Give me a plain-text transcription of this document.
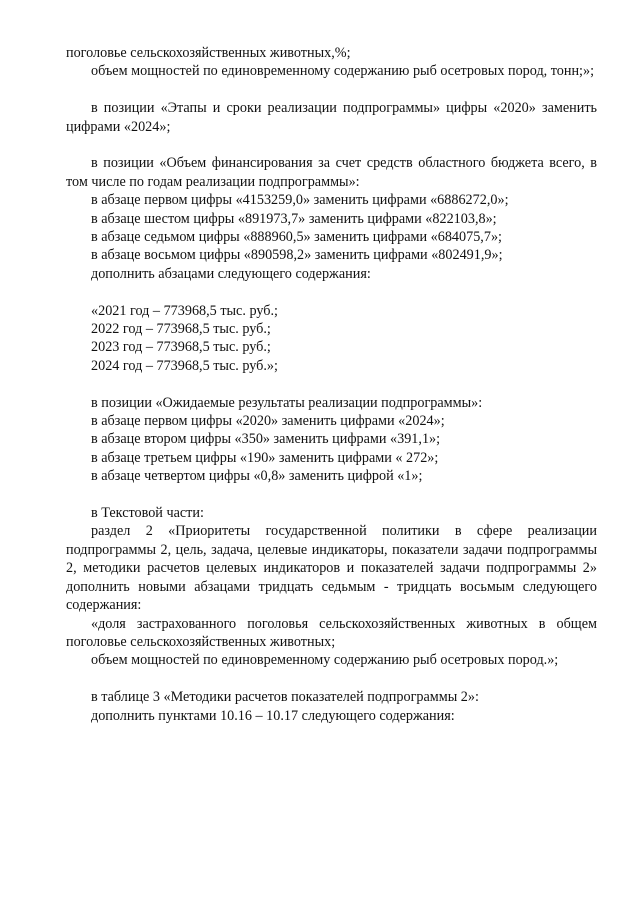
поголовье сельскохозяйственных животных,%;

объем мощностей по единовременному содержанию рыб осетровых пород, тонн;»;

в позиции «Этапы и сроки реализации подпрограммы» цифры «2020» заменить цифрами «2024»;

в позиции «Объем финансирования за счет средств областного бюджета всего, в том числе по годам реализации подпрограммы»:

в абзаце первом цифры «4153259,0» заменить цифрами «6886272,0»;

в абзаце шестом цифры «891973,7» заменить цифрами «822103,8»;

в абзаце седьмом цифры «888960,5» заменить цифрами «684075,7»;

в абзаце восьмом цифры «890598,2» заменить цифрами «802491,9»;

дополнить абзацами следующего содержания:

«2021 год – 773968,5 тыс. руб.;

2022 год – 773968,5 тыс. руб.;

2023 год – 773968,5 тыс. руб.;

2024 год – 773968,5 тыс. руб.»;

в позиции «Ожидаемые результаты реализации подпрограммы»:

в абзаце первом цифры «2020» заменить цифрами «2024»;

в абзаце втором цифры «350» заменить цифрами «391,1»;

в абзаце третьем цифры «190» заменить цифрами « 272»;

в абзаце четвертом цифры «0,8» заменить цифрой «1»;

в Текстовой части:

раздел 2 «Приоритеты государственной политики в сфере реализации подпрограммы 2, цель, задача, целевые индикаторы, показатели задачи подпрограммы 2, методики расчетов целевых индикаторов и показателей задачи подпрограммы 2» дополнить новыми абзацами тридцать седьмым - тридцать восьмым следующего содержания:

«доля застрахованного поголовья сельскохозяйственных животных в общем поголовье сельскохозяйственных животных;

объем мощностей по единовременному содержанию рыб осетровых пород.»;

в таблице 3 «Методики расчетов показателей подпрограммы 2»:

дополнить пунктами 10.16 – 10.17 следующего содержания:
